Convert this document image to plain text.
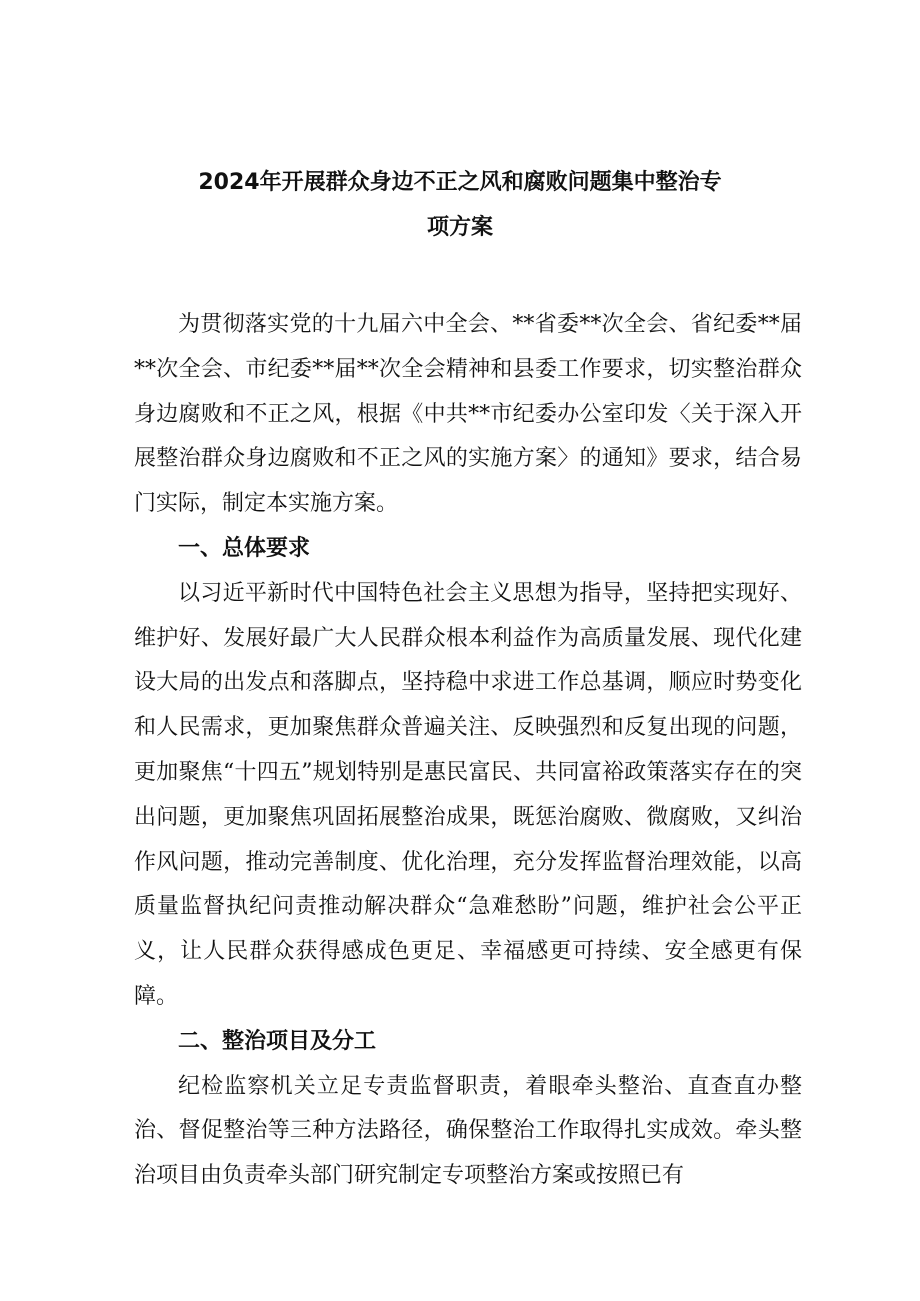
2024年开展群众身边不正之风和腐败问题集中整治专
项方案

为贯彻落实党的十九届六中全会、**省委**次全会、省纪委**届**次全会、市纪委**届**次全会精神和县委工作要求，切实整治群众身边腐败和不正之风，根据《中共**市纪委办公室印发〈关于深入开展整治群众身边腐败和不正之风的实施方案〉的通知》要求，结合易门实际，制定本实施方案。

一、总体要求

以习近平新时代中国特色社会主义思想为指导，坚持把实现好、维护好、发展好最广大人民群众根本利益作为高质量发展、现代化建设大局的出发点和落脚点，坚持稳中求进工作总基调，顺应时势变化和人民需求，更加聚焦群众普遍关注、反映强烈和反复出现的问题，更加聚焦“十四五”规划特别是惠民富民、共同富裕政策落实存在的突出问题，更加聚焦巩固拓展整治成果，既惩治腐败、微腐败，又纠治作风问题，推动完善制度、优化治理，充分发挥监督治理效能，以高质量监督执纪问责推动解决群众“急难愁盼”问题，维护社会公平正义，让人民群众获得感成色更足、幸福感更可持续、安全感更有保障。

二、整治项目及分工

纪检监察机关立足专责监督职责，着眼牵头整治、直查直办整治、督促整治等三种方法路径，确保整治工作取得扎实成效。牵头整治项目由负责牵头部门研究制定专项整治方案或按照已有
